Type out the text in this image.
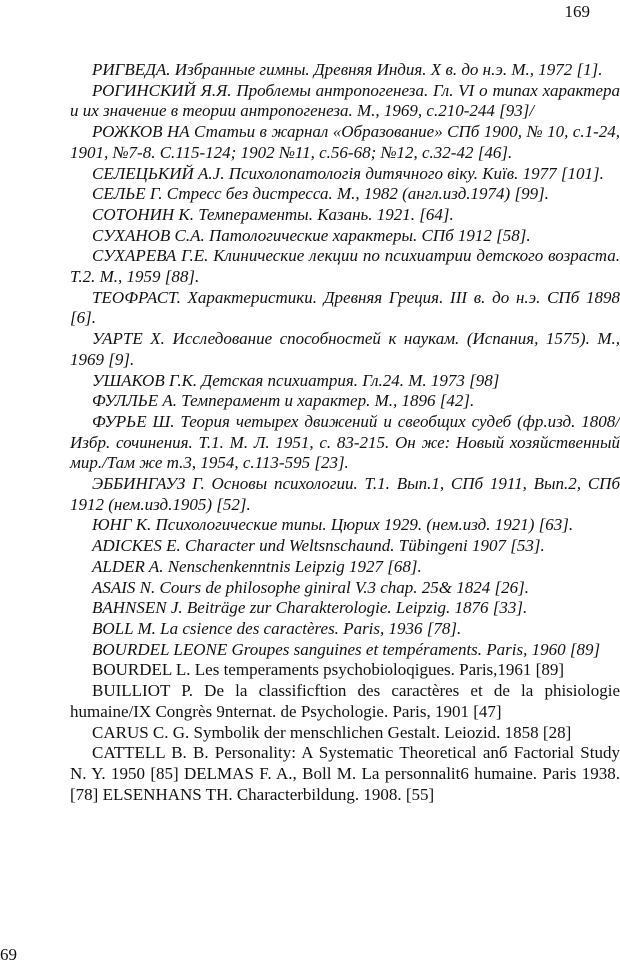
169

РИГВЕДА. Избранные гимны. Древняя Индия. X в. до н.э. М., 1972 [1].

РОГИНСКИЙ Я.Я. Проблемы антропогенеза. Гл. VI о типах характера и их значение в теории антропогенеза. М., 1969, с.210-244 [93]/

РОЖКОВ НА Статьи в жарнал «Образование» СПб 1900, № 10, с.1-24, 1901, №7-8. С.115-124; 1902 №11, с.56-68; №12, с.32-42 [46].

СЕЛЕЦЬКИЙ А.J. Психолопатологія дитячного віку. Київ. 1977 [101].

СЕЛЬЕ Г. Стресс без дистресса. М., 1982 (англ.изд.1974) [99].

СОТОНИН К. Темпераменты. Казань. 1921. [64].

СУХАНОВ С.А. Патологические характеры. СПб 1912 [58].

СУХАРЕВА Г.Е. Клинические лекции по психиатрии детского возраста. Т.2. М., 1959 [88].

ТЕОФРАСТ. Характеристики. Древняя Греция. III в. до н.э. СПб 1898 [6].

УАРТЕ Х. Исследование способностей к наукам. (Испания, 1575). М., 1969 [9].

УШАКОВ Г.К. Детская психиатрия. Гл.24. М. 1973 [98]

ФУЛЛЬЕ А. Темперамент и характер. М., 1896 [42].

ФУРЬЕ Ш. Теория четырех движений и свеобщих судеб (фр.изд. 1808/Избр. сочинения. Т.1. М. Л. 1951, с. 83-215. Он же: Новый хозяйственный мир./Там же т.3, 1954, с.113-595 [23].

ЭББИНГАУЗ Г. Основы психологии. Т.1. Вып.1, СПб 1911, Вып.2, СПб 1912 (нем.изд.1905) [52].

ЮНГ К. Психологические типы. Цюрих 1929. (нем.изд. 1921) [63].

ADICKES E. Character und Weltsnschaund. Tübingeni 1907 [53].

ALDER A. Nenschenkenntnis Leipzig 1927 [68].

ASAIS N. Cours de philosophe giniral V.3 chap. 25& 1824 [26].

BAHNSEN J. Beiträge zur Charakterologie. Leipzig. 1876 [33].

BOLL M. La csience des caractères. Paris, 1936 [78].

BOURDEL LEONE Groupes sanguines et tempéraments. Paris, 1960 [89]

BOURDEL L. Les temperaments psychobioloqigues. Paris,1961 [89]

BUILLIOT P. De la classificftion des caractères et de la phisiologie humaine/IX Congrès 9nternat. de Psychologie. Paris, 1901 [47]

CARUS C. G. Symbolik der menschlichen Gestalt. Leiozid. 1858 [28]

CATTELL B. B. Personality: A Systematic Theoretical anб Factorial Study N. Y. 1950 [85] DELMAS F. A., Boll M. La personnalit6 humaine. Paris 1938. [78] ELSENHANS TH. Characterbildung. 1908. [55]

69
